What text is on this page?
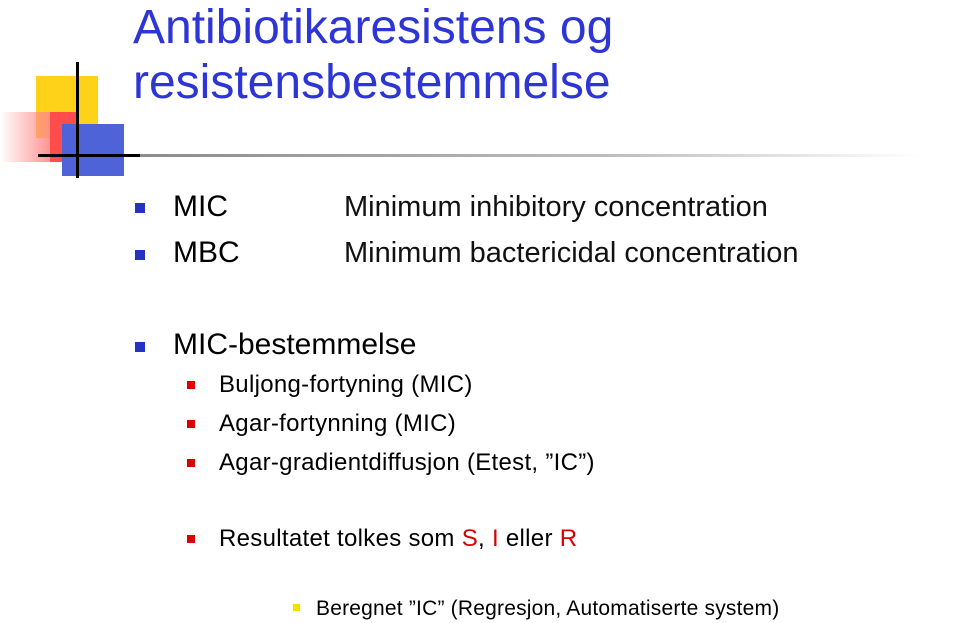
Antibiotikaresistens og
resistensbestemmelse
MIC	Minimum inhibitory concentration
MBC	Minimum bactericidal concentration
MIC-bestemmelse
Buljong-fortyning (MIC)
Agar-fortynning (MIC)
Agar-gradientdiffusjon (Etest, ”IC”)
Resultatet tolkes som S, I eller R
Beregnet ”IC” (Regresjon, Automatiserte system)
